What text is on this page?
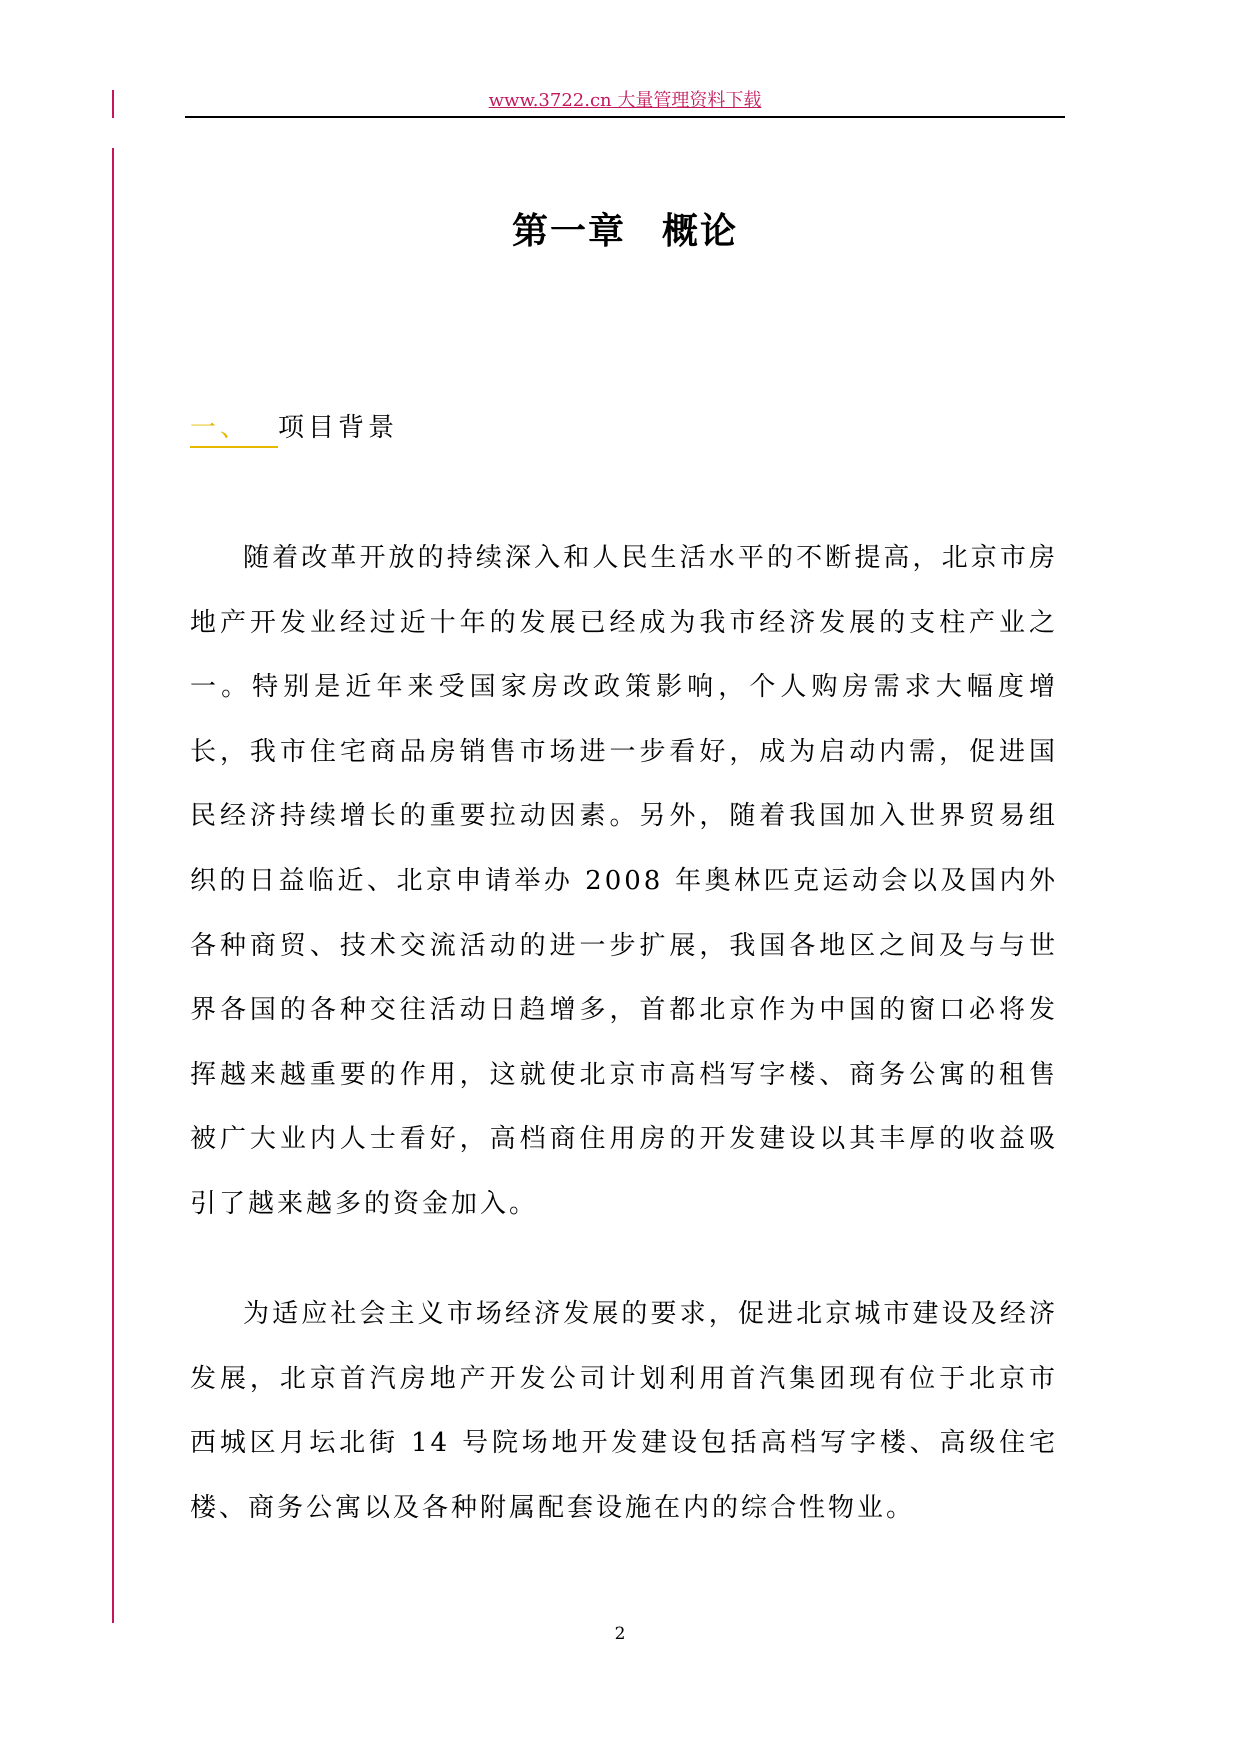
www.3722.cn 大量管理资料下载
第一章 概论
一、 项目背景

随着改革开放的持续深入和人民生活水平的不断提高，北京市房地产开发业经过近十年的发展已经成为我市经济发展的支柱产业之一。特别是近年来受国家房改政策影响，个人购房需求大幅度增长，我市住宅商品房销售市场进一步看好，成为启动内需，促进国民经济持续增长的重要拉动因素。另外，随着我国加入世界贸易组织的日益临近、北京申请举办 2008 年奥林匹克运动会以及国内外各种商贸、技术交流活动的进一步扩展，我国各地区之间及与与世界各国的各种交往活动日趋增多，首都北京作为中国的窗口必将发挥越来越重要的作用，这就使北京市高档写字楼、商务公寓的租售被广大业内人士看好，高档商住用房的开发建设以其丰厚的收益吸引了越来越多的资金加入。

为适应社会主义市场经济发展的要求，促进北京城市建设及经济发展，北京首汽房地产开发公司计划利用首汽集团现有位于北京市西城区月坛北街 14 号院场地开发建设包括高档写字楼、高级住宅楼、商务公寓以及各种附属配套设施在内的综合性物业。

2
